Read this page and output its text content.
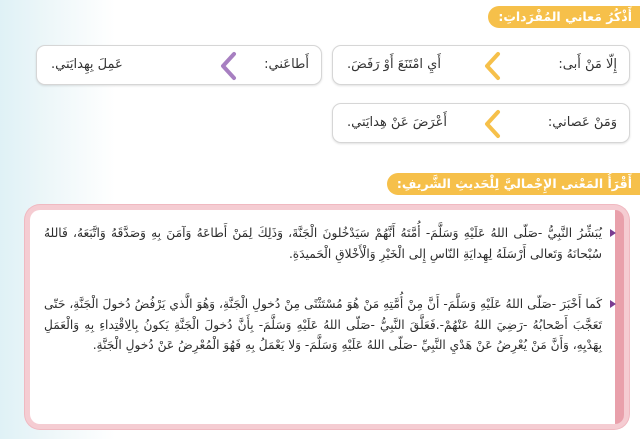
أَذْكُرُ مَعاني المُفْرَداتِ:
إِلّا مَنْ أَبى:
أَيِ امْتَنَعَ أَوْ رَفَضَ.
أَطاعَني:
عَمِلَ بِهِدايَتي.
وَمَنْ عَصاني:
أَعْرَضَ عَنْ هِدايَتي.
أَقْرَأُ المَعْنى الإِجْماليَّ لِلْحَديثِ الشَّريفِ:
يُبَشِّرُ النَّبِيُّ -صَلّى اللهُ عَلَيْهِ وَسَلَّمَ- أُمَّتَهُ أَنَّهُمْ سَيَدْخُلونَ الْجَنَّةَ، وَذَلِكَ لِمَنْ أَطاعَهُ وَآمَنَ بِهِ وَصَدَّقَهُ وَاتَّبَعَهُ، فَاللهُ سُبْحانَهُ وَتَعالى أَرْسَلَهُ لِهِدايَةِ النّاسِ إِلى الْخَيْرِ وَالْأَخْلاقِ الْحَميدَةِ.
كَما أَخْبَرَ -صَلّى اللهُ عَلَيْهِ وَسَلَّمَ- أَنَّ مِنْ أُمَّتِهِ مَنْ هُوَ مُسْتَثْنًى مِنْ دُخولِ الْجَنَّةِ، وَهُوَ الَّذي يَرْفُضُ دُخولَ الْجَنَّةِ، حَتّى تَعَجَّبَ أَصْحابُهُ -رَضِيَ اللهُ عَنْهُمْ-.فَعَلَّقَ النَّبِيُّ -صَلّى اللهُ عَلَيْهِ وَسَلَّمَ- بِأَنَّ دُخولَ الْجَنَّةِ يَكونُ بِالِاقْتِداءِ بِهِ وَالْعَمَلِ بِهَدْيِهِ، وَأَنَّ مَنْ يُعْرِضُ عَنْ هَدْيِ النَّبِيِّ -صَلّى اللهُ عَلَيْهِ وَسَلَّمَ- وَلا يَعْمَلُ بِهِ فَهُوَ الْمُعْرِضُ عَنْ دُخولِ الْجَنَّةِ.
